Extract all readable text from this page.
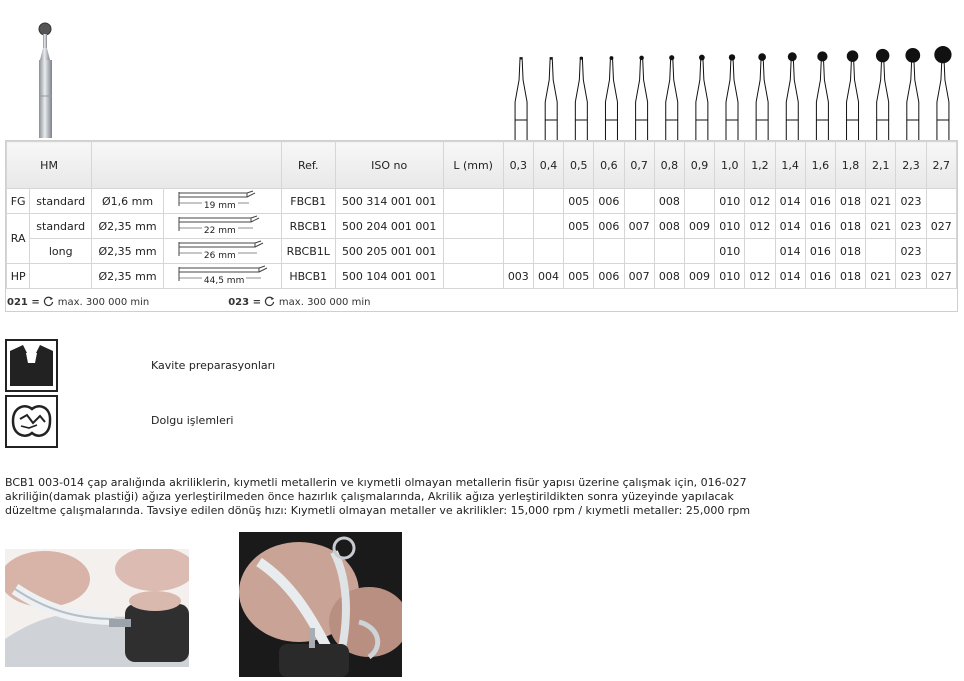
HM				Ref.	ISO no	L (mm)	0,3	0,4	0,5	0,6	0,7	0,8	0,9	1,0	1,2	1,4	1,6	1,8	2,1	2,3	2,7
FG	standard	Ø1,6 mm	19 mm	FBCB1	500 314 001 001				005	006		008		010	012	014	016	018	021	023	
RA	standard	Ø2,35 mm	22 mm	RBCB1	500 204 001 001				005	006	007	008	009	010	012	014	016	018	021	023	027
	long	Ø2,35 mm	26 mm	RBCB1L	500 205 001 001									010		014	016	018		023	
HP		Ø2,35 mm	44,5 mm	HBCB1	500 104 001 001		003	004	005	006	007	008	009	010	012	014	016	018	021	023	027
021 = max. 300 000 min	023 = max. 300 000 min
Kavite preparasyonları
Dolgu işlemleri
BCB1 003-014 çap aralığında akriliklerin, kıymetli metallerin ve kıymetli olmayan metallerin fisür yapısı üzerine çalışmak için, 016-027 akriliğin(damak plastiği) ağıza yerleştirilmeden önce hazırlık çalışmalarında, Akrilik ağıza yerleştirildikten sonra yüzeyinde yapılacak düzeltme çalışmalarında. Tavsiye edilen dönüş hızı: Kıymetli olmayan metaller ve akrilikler: 15,000 rpm / kıymetli metaller: 25,000 rpm
